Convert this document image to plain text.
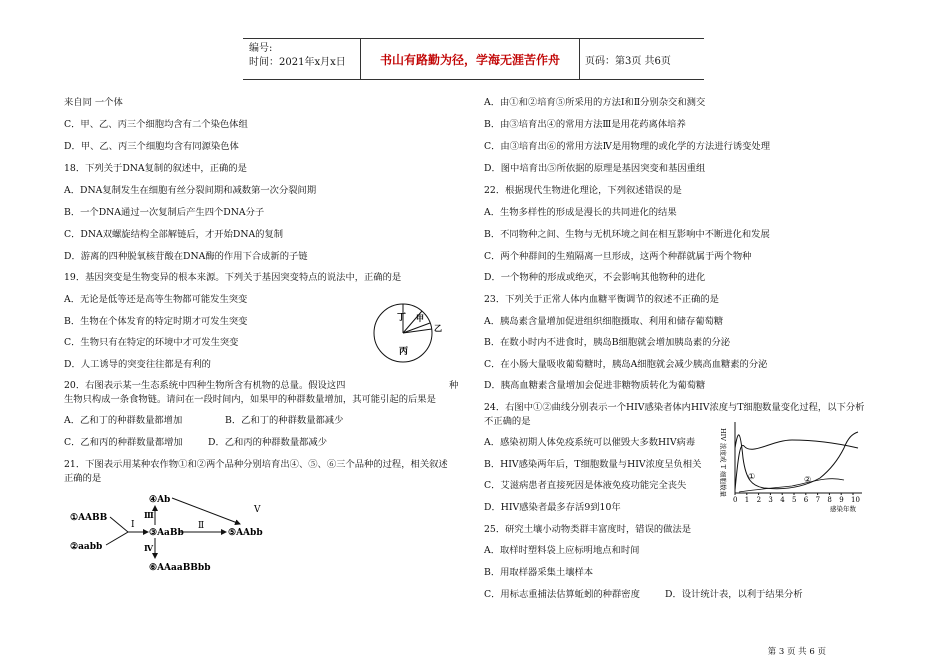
编号:
时间：2021年x月x日	书山有路勤为径，学海无涯苦作舟	页码：第3页 共6页
来自同 一个体
C．甲、乙、丙三个细胞均含有二个染色体组
D．甲、乙、丙三个细胞均含有同源染色体
18．下列关于DNA复制的叙述中，正确的是
A．DNA复制发生在细胞有丝分裂间期和减数第一次分裂间期
B．一个DNA通过一次复制后产生四个DNA分子
C．DNA双螺旋结构全部解链后，才开始DNA的复制
D．游离的四种脱氧核苷酸在DNA酶的作用下合成新的子链
19．基因突变是生物变异的根本来源。下列关于基因突变特点的说法中，正确的是
A．无论是低等还是高等生物都可能发生突变
B．生物在个体发育的特定时期才可发生突变
C．生物只有在特定的环境中才可发生突变
D．人工诱导的突变往往都是有利的
20．右图表示某一生态系统中四种生物所含有机物的总量。假设这四	种
生物只构成一条食物链。请问在一段时间内，如果甲的种群数量增加，其可能引起的后果是
A．乙和丁的种群数量都增加	B．乙和丁的种群数量都减少
C．乙和丙的种群数量都增加	D．乙和丙的种群数量都减少
21．下图表示用某种农作物①和②两个品种分别培育出④、⑤、⑥三个品种的过程，相关叙述
正确的是
丁 甲
乙
丙
①AABB
②aabb
I
③AaBb
④Ab
Ⅲ
Ⅱ
⑤AAbb
V
Ⅳ
⑥AAaaBBbb
A．由①和②培育⑤所采用的方法I和Ⅱ分别杂交和测交
B．由③培育出④的常用方法Ⅲ是用花药离体培养
C．由③培育出⑥的常用方法Ⅳ是用物理的或化学的方法进行诱变处理
D．图中培育出⑤所依据的原理是基因突变和基因重组
22．根据现代生物进化理论，下列叙述错误的是
A．生物多样性的形成是漫长的共同进化的结果
B．不同物种之间、生物与无机环境之间在相互影响中不断进化和发展
C．两个种群间的生殖隔离一旦形成，这两个种群就属于两个物种
D．一个物种的形成或绝灭，不会影响其他物种的进化
23．下列关于正常人体内血糖平衡调节的叙述不正确的是
A．胰岛素含量增加促进组织细胞摄取、利用和储存葡萄糖
B．在数小时内不进食时，胰岛B细胞就会增加胰岛素的分泌
C．在小肠大量吸收葡萄糖时，胰岛A细胞就会减少胰高血糖素的分泌
D．胰高血糖素含量增加会促进非糖物质转化为葡萄糖
24．右图中①②曲线分别表示一个HIV感染者体内HIV浓度与T细胞数量变化过程，以下分析
不正确的是
A．感染初期人体免疫系统可以催毁大多数HIV病毒
B．HIV感染两年后，T细胞数量与HIV浓度呈负相关
C．艾滋病患者直接死因是体液免疫功能完全丧失
D．HIV感染者最多存活9到10年
25．研究土壤小动物类群丰富度时，错误的做法是
A．取样时塑料袋上应标明地点和时间
B．用取样器采集土壤样本
C．用标志重捕法估算蚯蚓的种群密度	D．设计统计表，以利于结果分析
HIV 浓度或 T 细胞数量
0 1 2 3 4 5 6 7 8 9 10
①	②
感染年数
第 3 页 共 6 页
